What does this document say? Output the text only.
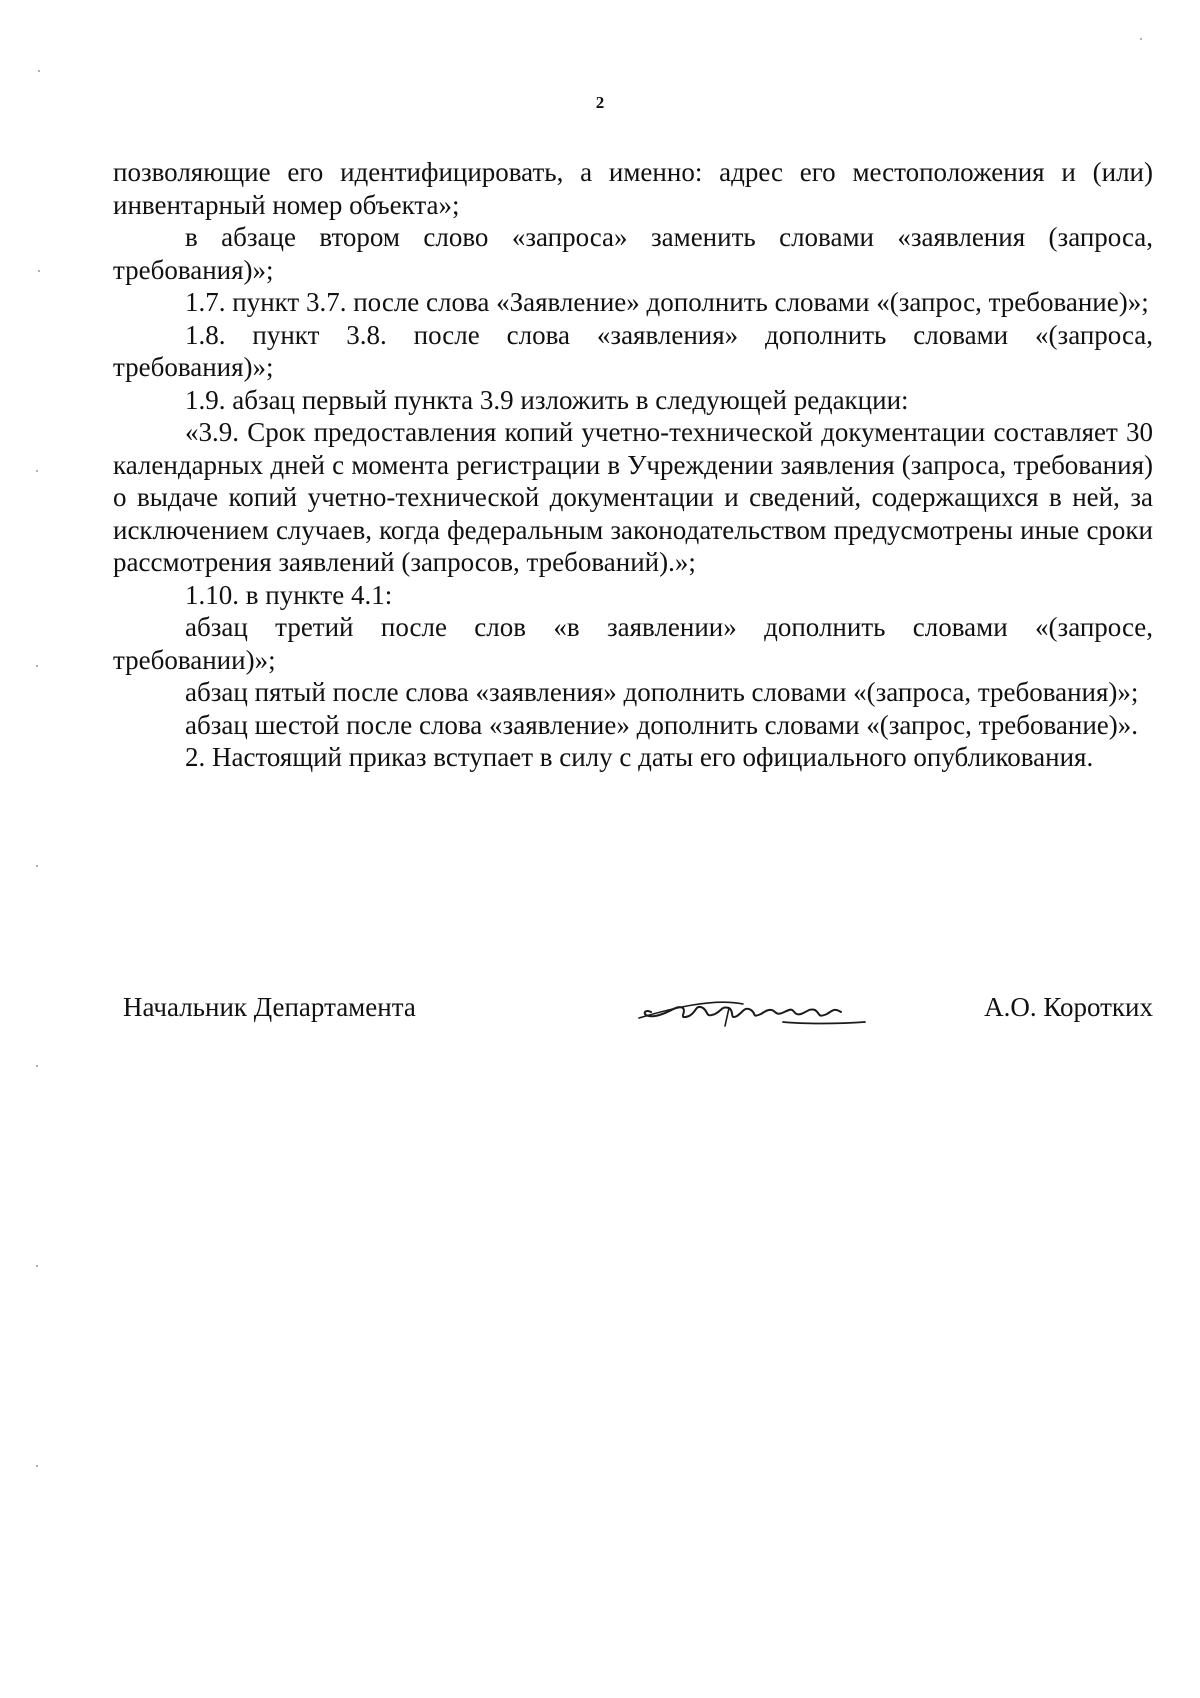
2

позволяющие его идентифицировать, а именно: адрес его местоположения и (или) инвентарный номер объекта»;

в абзаце втором слово «запроса» заменить словами «заявления (запроса, требования)»;

1.7. пункт 3.7. после слова «Заявление» дополнить словами «(запрос, требование)»;

1.8. пункт 3.8. после слова «заявления» дополнить словами «(запроса, требования)»;

1.9. абзац первый пункта 3.9 изложить в следующей редакции:

«3.9. Срок предоставления копий учетно-технической документации составляет 30 календарных дней с момента регистрации в Учреждении заявления (запроса, требования) о выдаче копий учетно-технической документации и сведений, содержащихся в ней, за исключением случаев, когда федеральным законодательством предусмотрены иные сроки рассмотрения заявлений (запросов, требований).»;

1.10. в пункте 4.1:

абзац третий после слов «в заявлении» дополнить словами «(запросе, требовании)»;

абзац пятый после слова «заявления» дополнить словами «(запроса, требования)»;

абзац шестой после слова «заявление» дополнить словами «(запрос, требование)».

2. Настоящий приказ вступает в силу с даты его официального опубликования.

Начальник Департамента	А.О. Коротких
